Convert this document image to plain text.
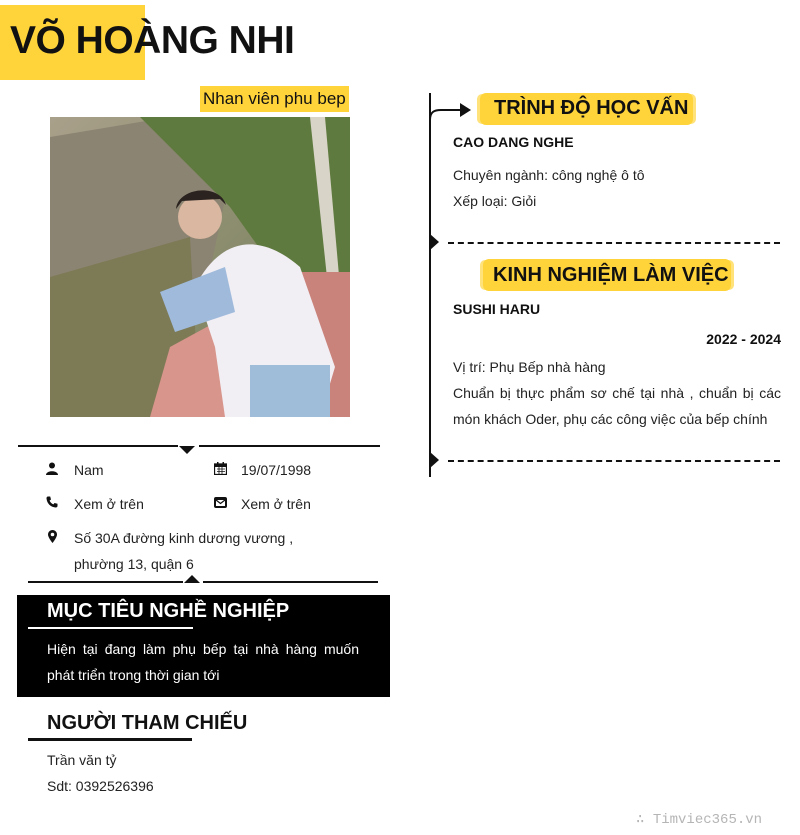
VÕ HOÀNG NHI
Nhan viên phu bep
Nam	19/07/1998
Xem ở trên	Xem ở trên
Số 30A đường kinh dương vương ,
phường 13, quận 6
MỤC TIÊU NGHỀ NGHIỆP
Hiện tại đang làm phụ bếp tại nhà hàng muốn phát triển trong thời gian tới
NGƯỜI THAM CHIẾU
Trần văn tỷ
Sdt: 0392526396
TRÌNH ĐỘ HỌC VẤN
CAO DANG NGHE
Chuyên ngành: công nghệ ô tô
Xếp loại: Giỏi
KINH NGHIỆM LÀM VIỆC
SUSHI HARU
2022 - 2024
Vị trí: Phụ Bếp nhà hàng
Chuẩn bị thực phẩm sơ chế tại nhà , chuẩn bị các món khách Oder, phụ các công việc của bếp chính
∴ Timviec365.vn
